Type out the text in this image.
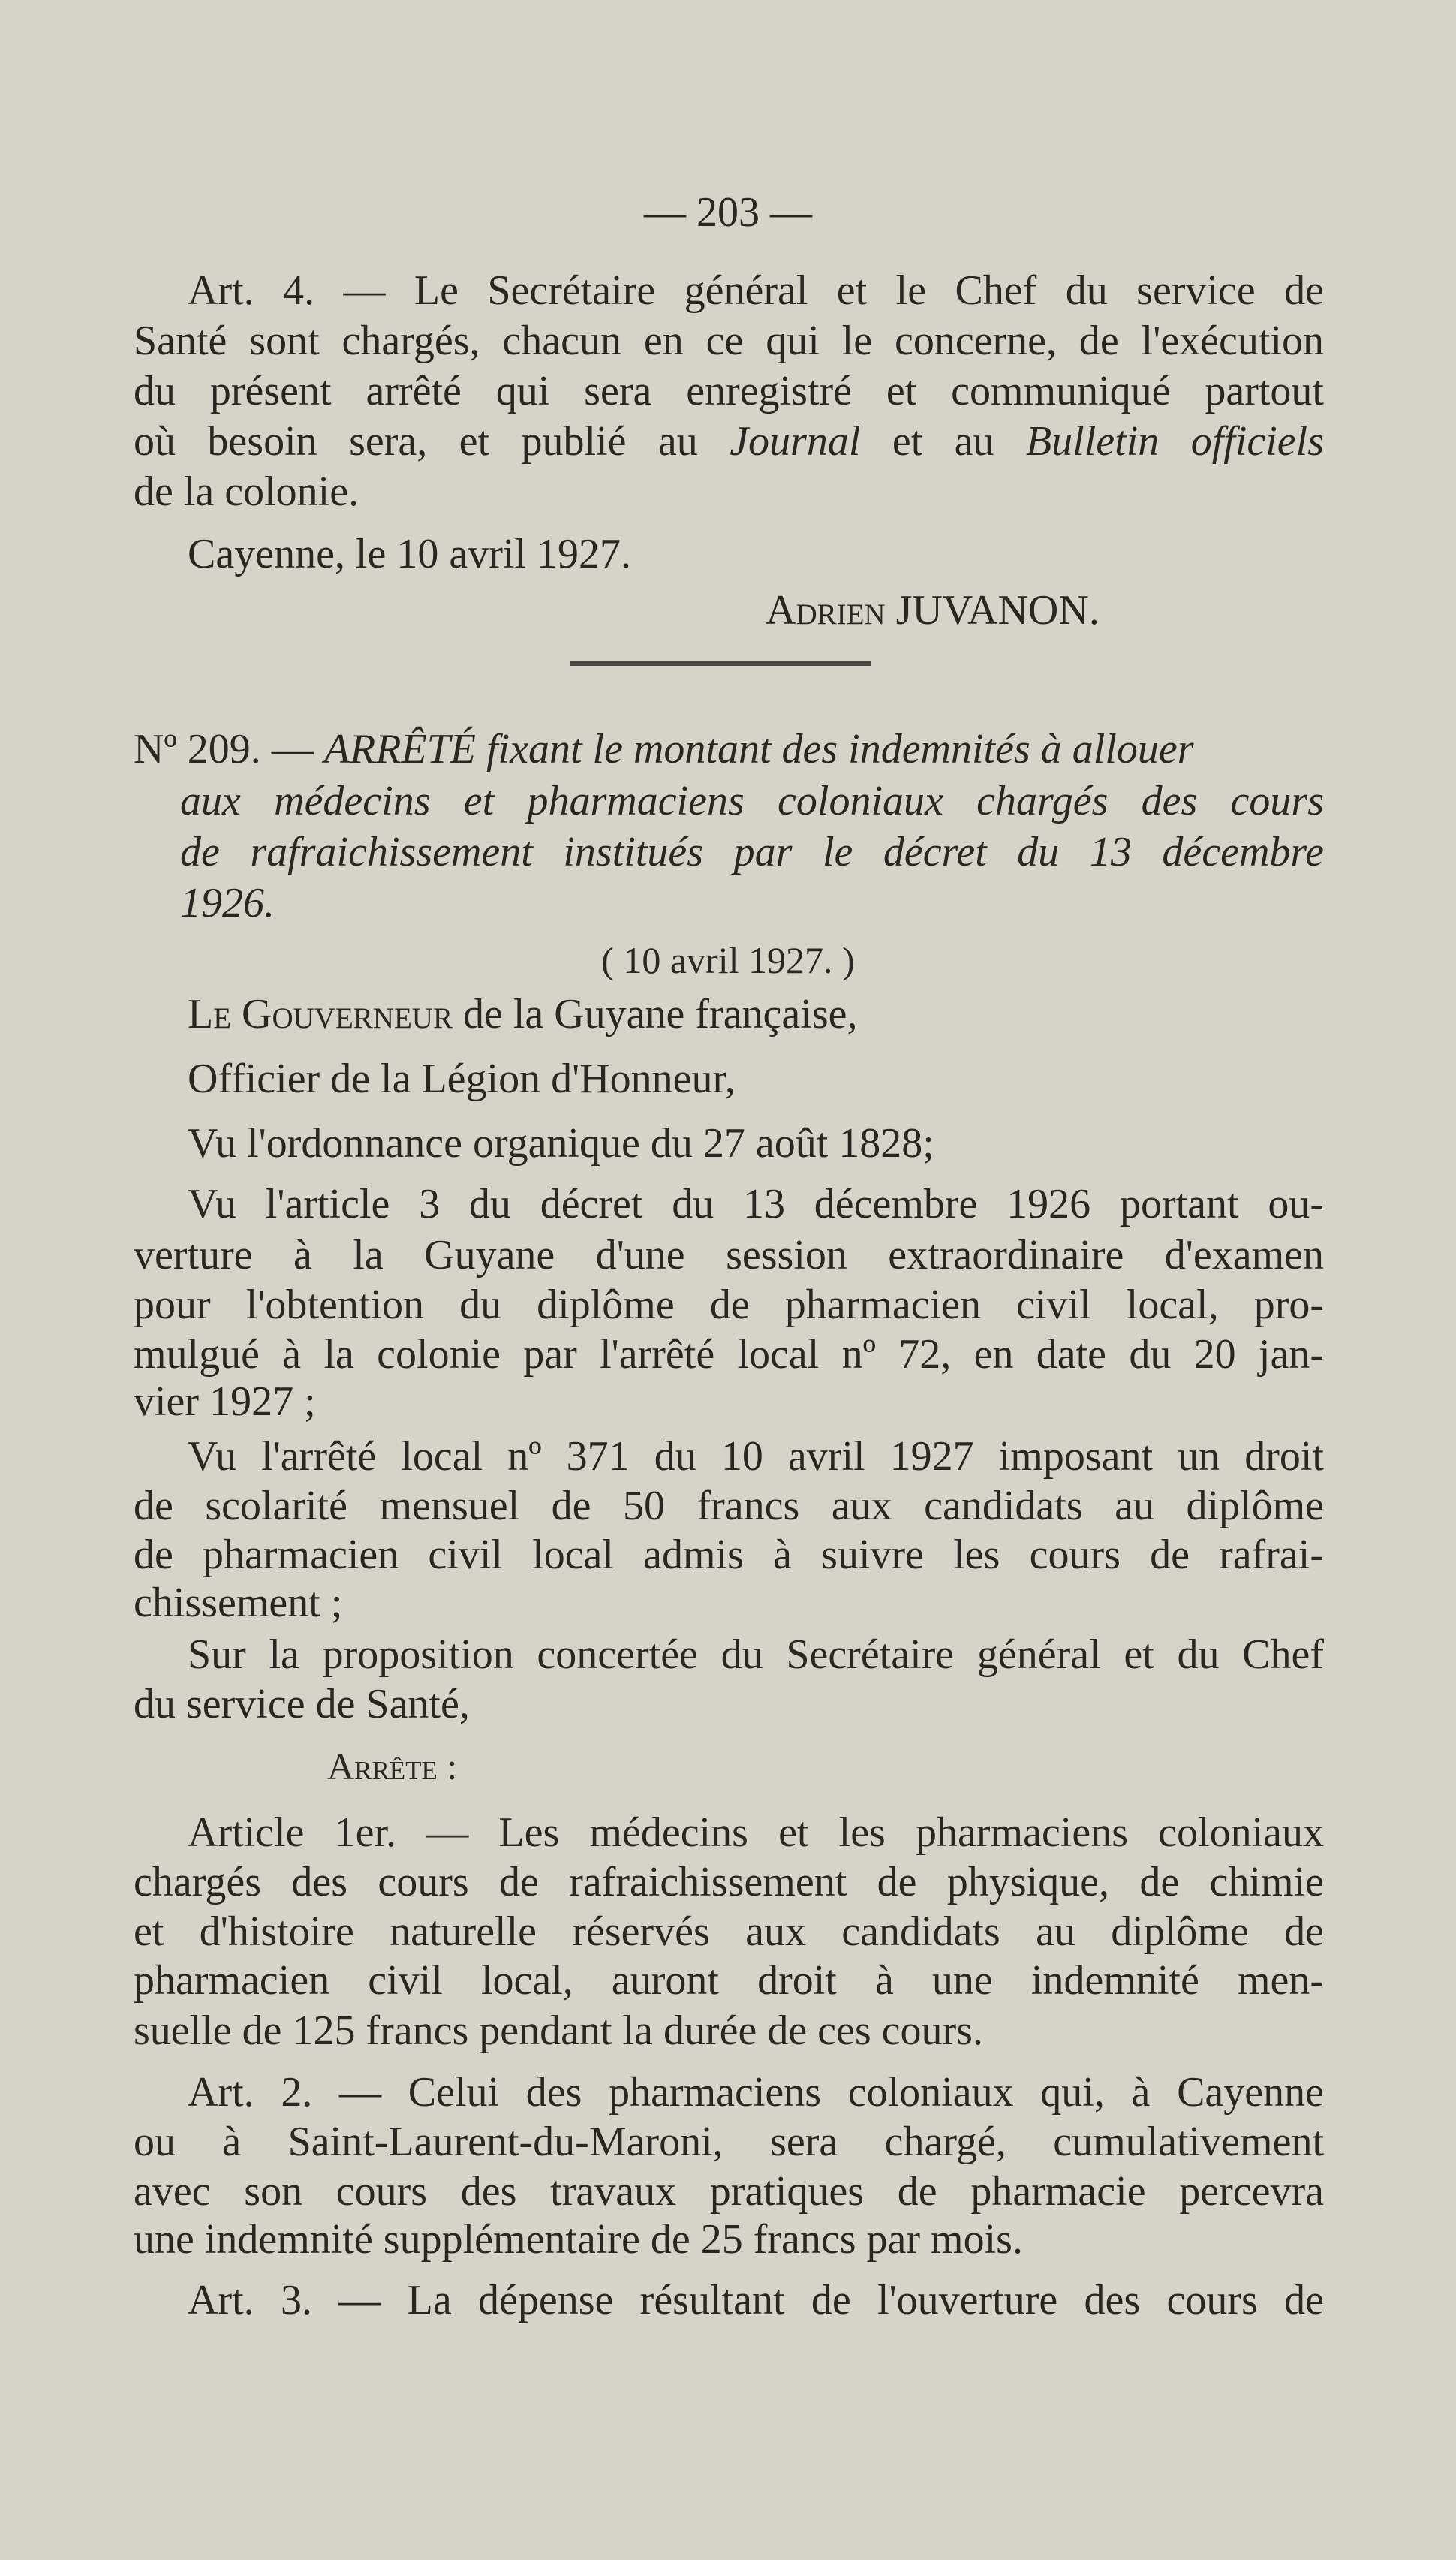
— 203 —
Art. 4. — Le Secrétaire général et le Chef du service de
Santé sont chargés, chacun en ce qui le concerne, de l'exécution
du présent arrêté qui sera enregistré et communiqué partout
où besoin sera, et publié au Journal et au Bulletin officiels
de la colonie.
Cayenne, le 10 avril 1927.
Adrien JUVANON.
Nº 209. — ARRÊTÉ fixant le montant des indemnités à allouer
aux médecins et pharmaciens coloniaux chargés des cours
de rafraichissement institués par le décret du 13 décembre
1926.
( 10 avril 1927. )
Le Gouverneur de la Guyane française,
Officier de la Légion d'Honneur,
Vu l'ordonnance organique du 27 août 1828;
Vu l'article 3 du décret du 13 décembre 1926 portant ou-
verture à la Guyane d'une session extraordinaire d'examen
pour l'obtention du diplôme de pharmacien civil local, pro-
mulgué à la colonie par l'arrêté local nº 72, en date du 20 jan-
vier 1927 ;
Vu l'arrêté local nº 371 du 10 avril 1927 imposant un droit
de scolarité mensuel de 50 francs aux candidats au diplôme
de pharmacien civil local admis à suivre les cours de rafrai-
chissement ;
Sur la proposition concertée du Secrétaire général et du Chef
du service de Santé,
Arrête :
Article 1er. — Les médecins et les pharmaciens coloniaux
chargés des cours de rafraichissement de physique, de chimie
et d'histoire naturelle réservés aux candidats au diplôme de
pharmacien civil local, auront droit à une indemnité men-
suelle de 125 francs pendant la durée de ces cours.
Art. 2. — Celui des pharmaciens coloniaux qui, à Cayenne
ou à Saint-Laurent-du-Maroni, sera chargé, cumulativement
avec son cours des travaux pratiques de pharmacie percevra
une indemnité supplémentaire de 25 francs par mois.
Art. 3. — La dépense résultant de l'ouverture des cours de
